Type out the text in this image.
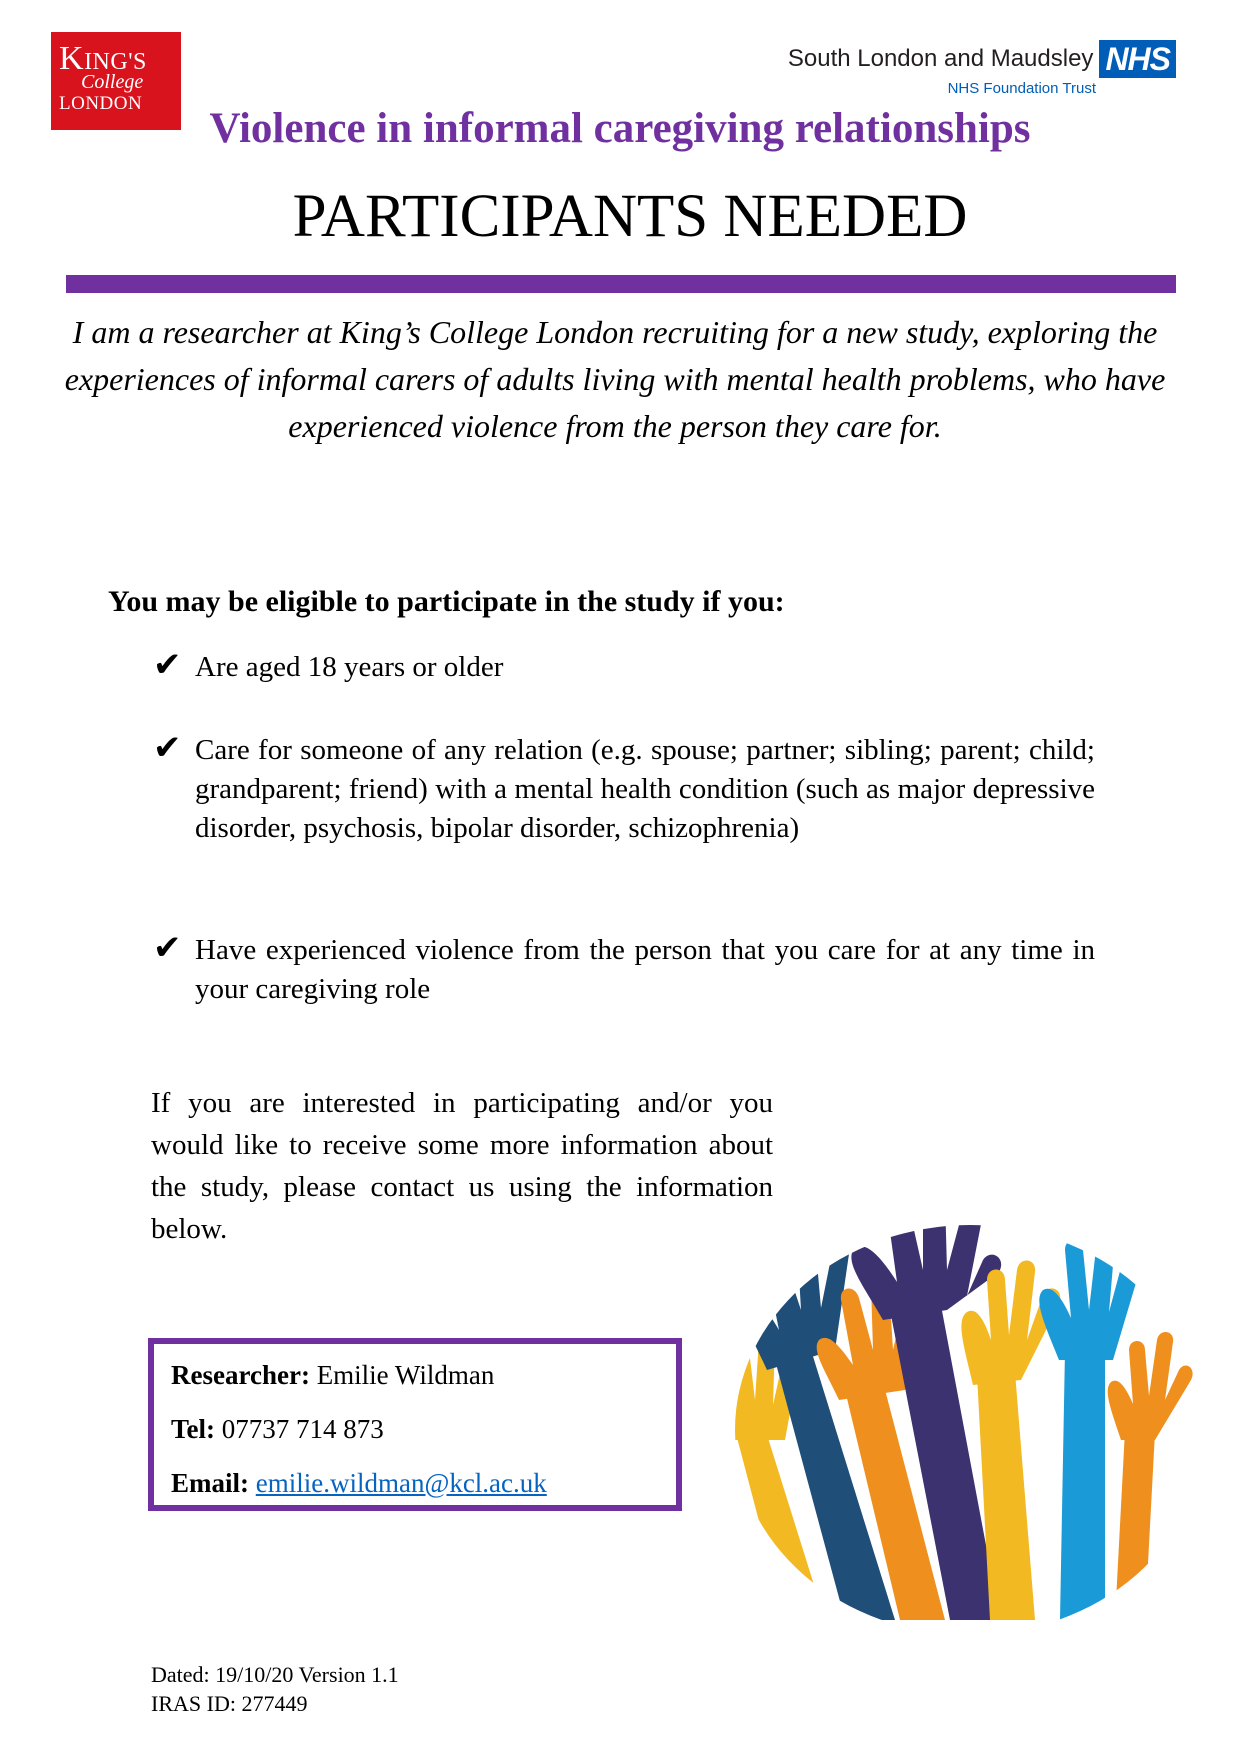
KING'S
College
LONDON
South London and Maudsley NHS
NHS Foundation Trust
Violence in informal caregiving relationships
PARTICIPANTS NEEDED
I am a researcher at King’s College London recruiting for a new study, exploring the experiences of informal carers of adults living with mental health problems, who have experienced violence from the person they care for.
You may be eligible to participate in the study if you:
✔ Are aged 18 years or older
✔ Care for someone of any relation (e.g. spouse; partner; sibling; parent; child; grandparent; friend) with a mental health condition (such as major depressive disorder, psychosis, bipolar disorder, schizophrenia)
✔ Have experienced violence from the person that you care for at any time in your caregiving role
If you are interested in participating and/or you would like to receive some more information about the study, please contact us using the information below.
Researcher: Emilie Wildman
Tel: 07737 714 873
Email: emilie.wildman@kcl.ac.uk
Dated: 19/10/20 Version 1.1
IRAS ID: 277449
